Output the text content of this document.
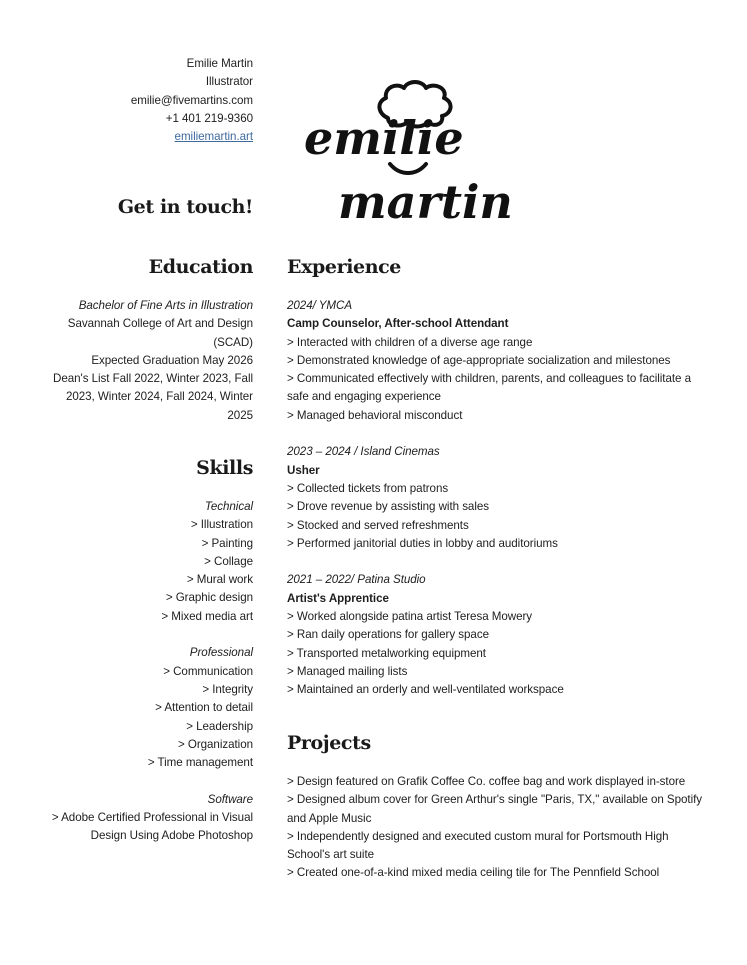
Emilie Martin
Illustrator
emilie@fivemartins.com
+1 401 219-9360
emiliemartin.art
Get in touch!
emilie
martin
Education
Bachelor of Fine Arts in Illustration
Savannah College of Art and Design (SCAD)
Expected Graduation May 2026
Dean's List Fall 2022, Winter 2023, Fall 2023, Winter 2024, Fall 2024, Winter 2025
Skills
Technical
> Illustration
> Painting
> Collage
> Mural work
> Graphic design
> Mixed media art
Professional
> Communication
> Integrity
> Attention to detail
> Leadership
> Organization
> Time management
Software
> Adobe Certified Professional in Visual Design Using Adobe Photoshop
Experience
2024/ YMCA
Camp Counselor, After-school Attendant
> Interacted with children of a diverse age range
> Demonstrated knowledge of age-appropriate socialization and milestones
> Communicated effectively with children, parents, and colleagues to facilitate a safe and engaging experience
> Managed behavioral misconduct
2023 – 2024 / Island Cinemas
Usher
> Collected tickets from patrons
> Drove revenue by assisting with sales
> Stocked and served refreshments
> Performed janitorial duties in lobby and auditoriums
2021 – 2022/ Patina Studio
Artist's Apprentice
> Worked alongside patina artist Teresa Mowery
> Ran daily operations for gallery space
> Transported metalworking equipment
> Managed mailing lists
> Maintained an orderly and well-ventilated workspace
Projects
> Design featured on Grafik Coffee Co. coffee bag and work displayed in-store
> Designed album cover for Green Arthur's single "Paris, TX," available on Spotify and Apple Music
> Independently designed and executed custom mural for Portsmouth High School's art suite
> Created one-of-a-kind mixed media ceiling tile for The Pennfield School
